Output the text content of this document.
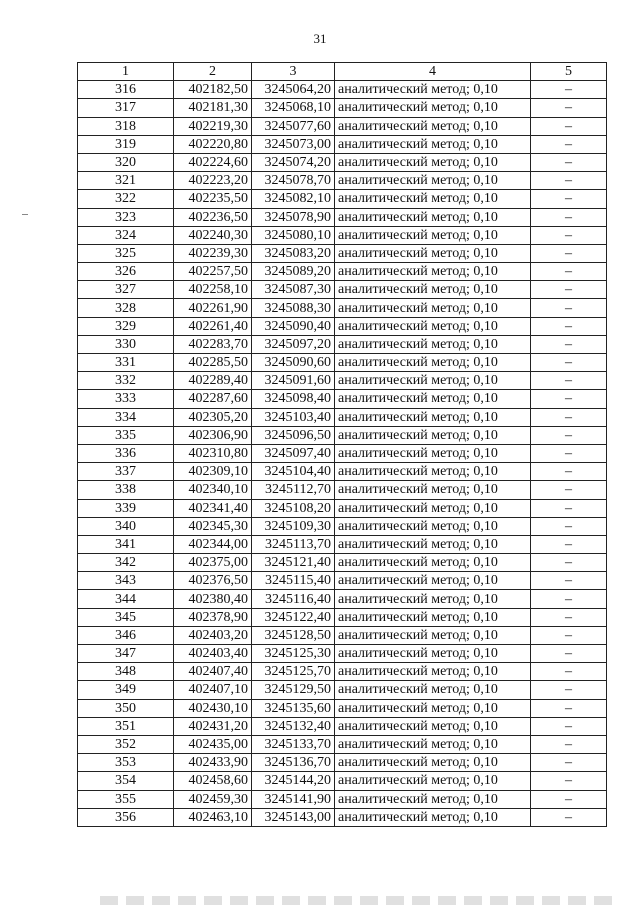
31
1	2	3	4	5
316	402182,50	3245064,20	аналитический метод; 0,10	–
317	402181,30	3245068,10	аналитический метод; 0,10	–
318	402219,30	3245077,60	аналитический метод; 0,10	–
319	402220,80	3245073,00	аналитический метод; 0,10	–
320	402224,60	3245074,20	аналитический метод; 0,10	–
321	402223,20	3245078,70	аналитический метод; 0,10	–
322	402235,50	3245082,10	аналитический метод; 0,10	–
323	402236,50	3245078,90	аналитический метод; 0,10	–
324	402240,30	3245080,10	аналитический метод; 0,10	–
325	402239,30	3245083,20	аналитический метод; 0,10	–
326	402257,50	3245089,20	аналитический метод; 0,10	–
327	402258,10	3245087,30	аналитический метод; 0,10	–
328	402261,90	3245088,30	аналитический метод; 0,10	–
329	402261,40	3245090,40	аналитический метод; 0,10	–
330	402283,70	3245097,20	аналитический метод; 0,10	–
331	402285,50	3245090,60	аналитический метод; 0,10	–
332	402289,40	3245091,60	аналитический метод; 0,10	–
333	402287,60	3245098,40	аналитический метод; 0,10	–
334	402305,20	3245103,40	аналитический метод; 0,10	–
335	402306,90	3245096,50	аналитический метод; 0,10	–
336	402310,80	3245097,40	аналитический метод; 0,10	–
337	402309,10	3245104,40	аналитический метод; 0,10	–
338	402340,10	3245112,70	аналитический метод; 0,10	–
339	402341,40	3245108,20	аналитический метод; 0,10	–
340	402345,30	3245109,30	аналитический метод; 0,10	–
341	402344,00	3245113,70	аналитический метод; 0,10	–
342	402375,00	3245121,40	аналитический метод; 0,10	–
343	402376,50	3245115,40	аналитический метод; 0,10	–
344	402380,40	3245116,40	аналитический метод; 0,10	–
345	402378,90	3245122,40	аналитический метод; 0,10	–
346	402403,20	3245128,50	аналитический метод; 0,10	–
347	402403,40	3245125,30	аналитический метод; 0,10	–
348	402407,40	3245125,70	аналитический метод; 0,10	–
349	402407,10	3245129,50	аналитический метод; 0,10	–
350	402430,10	3245135,60	аналитический метод; 0,10	–
351	402431,20	3245132,40	аналитический метод; 0,10	–
352	402435,00	3245133,70	аналитический метод; 0,10	–
353	402433,90	3245136,70	аналитический метод; 0,10	–
354	402458,60	3245144,20	аналитический метод; 0,10	–
355	402459,30	3245141,90	аналитический метод; 0,10	–
356	402463,10	3245143,00	аналитический метод; 0,10	–
